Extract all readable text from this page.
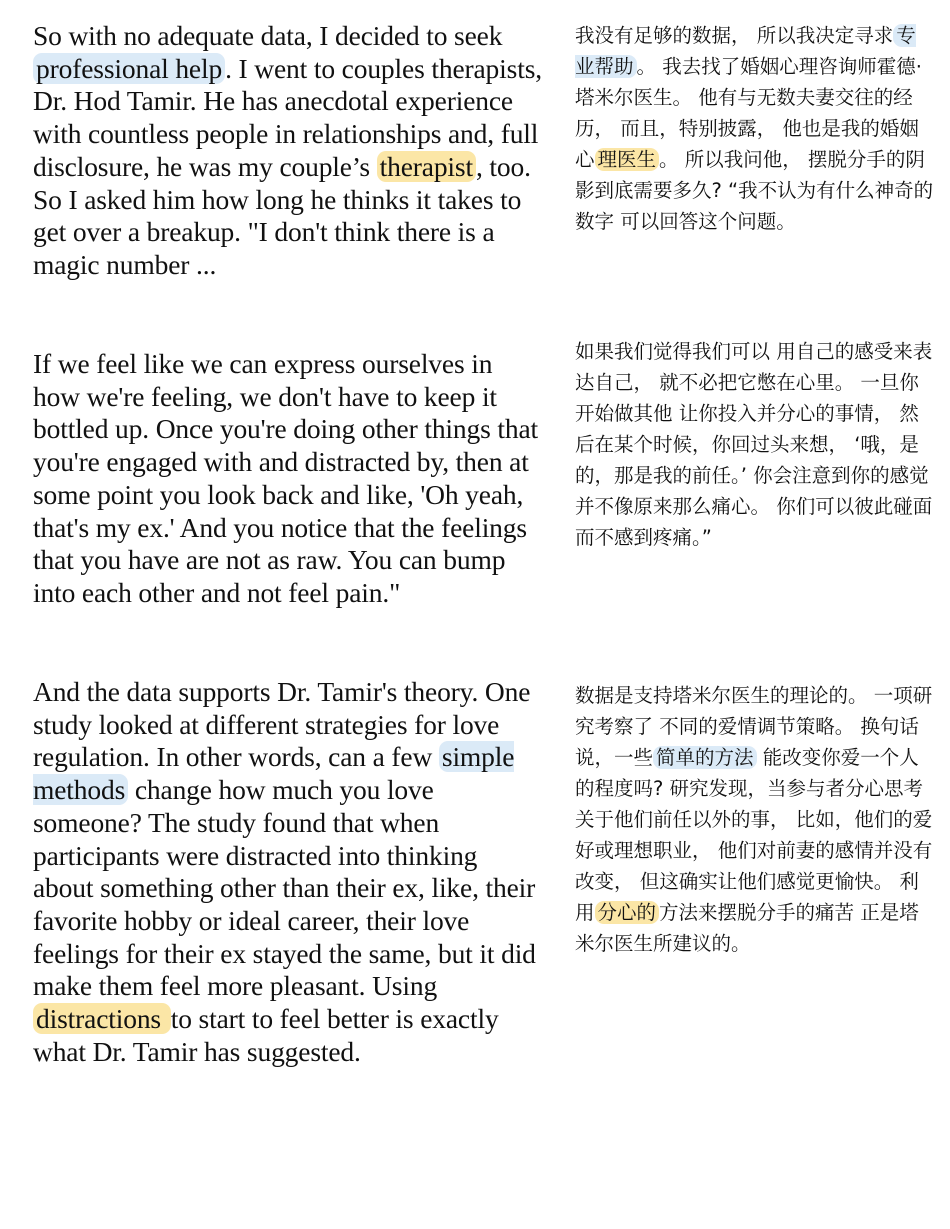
So with no adequate data, I decided to seek professional help . I went to couples therapists, Dr. Hod Tamir. He has anecdotal experience with countless people in relationships and, full disclosure, he was my couple’s therapist , too. So I asked him how long he thinks it takes to get over a breakup. "I don't think there is a magic number ...
我没有足够的数据， 所以我决定寻求 专业帮助 。 我去找了婚姻心理咨询师霍德·塔米尔医生。 他有与无数夫妻交往的经历， 而且，特别披露， 他也是我的婚姻心 理医生 。 所以我问他， 摆脱分手的阴影到底需要多久? “我不认为有什么神奇的数字 可以回答这个问题。
If we feel like we can express ourselves in how we're feeling, we don't have to keep it bottled up. Once you're doing other things that you're engaged with and distracted by, then at some point you look back and like, 'Oh yeah, that's my ex.' And you notice that the feelings that you have are not as raw. You can bump into each other and not feel pain."
如果我们觉得我们可以 用自己的感受来表达自己， 就不必把它憋在心里。 一旦你开始做其他 让你投入并分心的事情， 然后在某个时候，你回过头来想， ‘哦，是的，那是我的前任。’ 你会注意到你的感觉 并不像原来那么痛心。 你们可以彼此碰面而不感到疼痛。”
And the data supports Dr. Tamir's theory. One study looked at different strategies for love regulation. In other words, can a few simple methods change how much you love someone? The study found that when participants were distracted into thinking about something other than their ex, like, their favorite hobby or ideal career, their love feelings for their ex stayed the same, but it did make them feel more pleasant. Using distractions to start to feel better is exactly what Dr. Tamir has suggested.
数据是支持塔米尔医生的理论的。 一项研究考察了 不同的爱情调节策略。 换句话说，一些 简单的方法 能改变你爱一个人的程度吗? 研究发现，当参与者分心思考 关于他们前任以外的事， 比如，他们的爱好或理想职业， 他们对前妻的感情并没有改变， 但这确实让他们感觉更愉快。 利用 分心的 方法来摆脱分手的痛苦 正是塔米尔医生所建议的。
